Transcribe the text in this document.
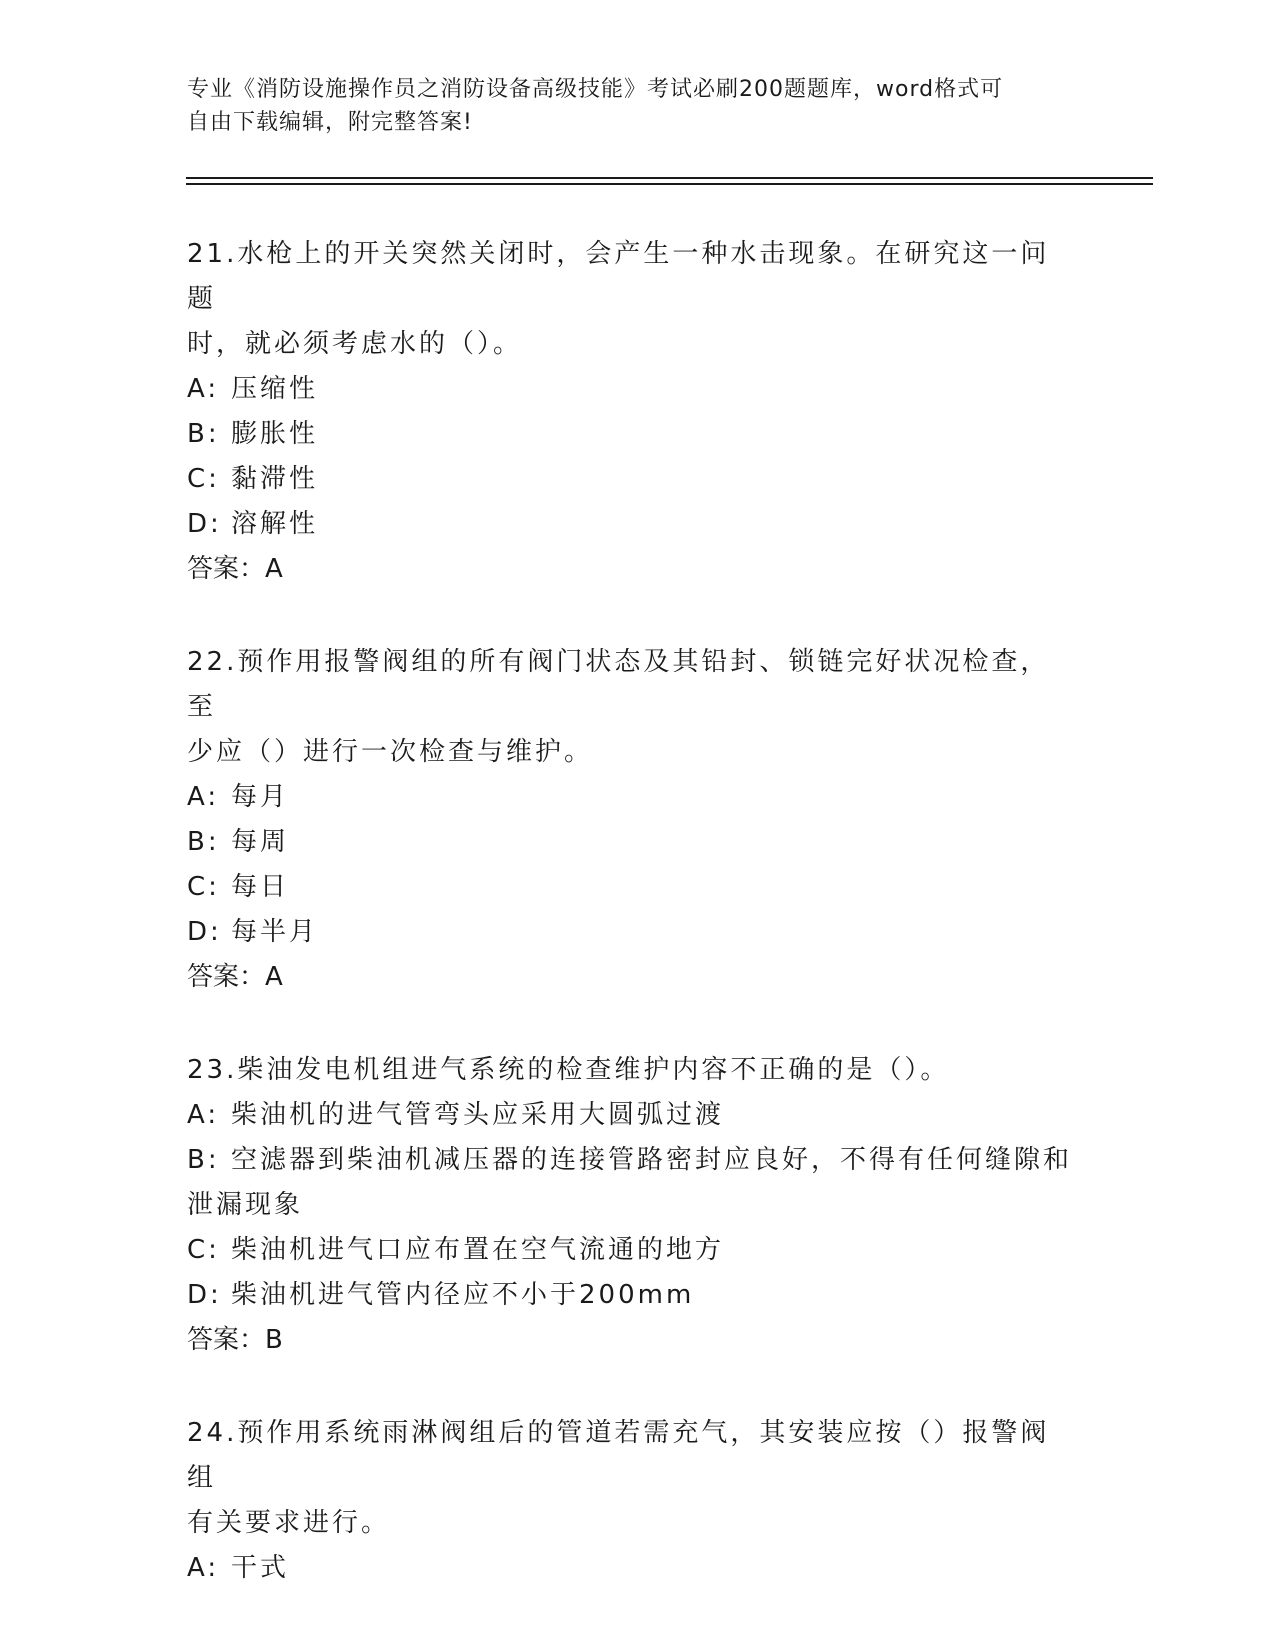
专业《消防设施操作员之消防设备高级技能》考试必刷200题题库，word格式可
自由下载编辑，附完整答案!

21.水枪上的开关突然关闭时，会产生一种水击现象。在研究这一问题

时，就必须考虑水的（）。

A: 压缩性

B: 膨胀性

C: 黏滞性

D: 溶解性

答案：A

22.预作用报警阀组的所有阀门状态及其铅封、锁链完好状况检查，至

少应（）进行一次检查与维护。

A: 每月

B: 每周

C: 每日

D: 每半月

答案：A

23.柴油发电机组进气系统的检查维护内容不正确的是（）。

A: 柴油机的进气管弯头应采用大圆弧过渡

B: 空滤器到柴油机减压器的连接管路密封应良好，不得有任何缝隙和

泄漏现象

C: 柴油机进气口应布置在空气流通的地方

D: 柴油机进气管内径应不小于200mm

答案：B

24.预作用系统雨淋阀组后的管道若需充气，其安装应按（）报警阀组

有关要求进行。

A: 干式
